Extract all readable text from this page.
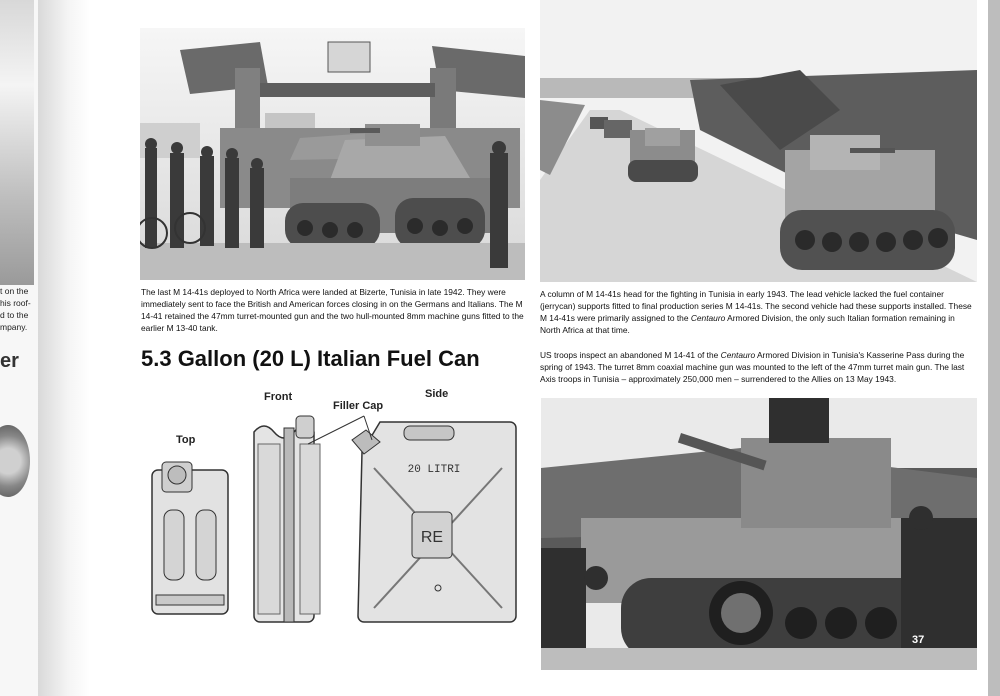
t on the
his roof-
d to the
mpany.
er

The last M 14-41s deployed to North Africa were landed at Bizerte, Tunisia in late 1942. They were immediately sent to face the British and American forces closing in on the Germans and Italians. The M 14-41 retained the 47mm turret-mounted gun and the two hull-mounted 8mm machine guns fitted to the earlier M 13-40 tank.

A column of M 14-41s head for the fighting in Tunisia in early 1943. The lead vehicle lacked the fuel container (jerrycan) supports fitted to final production series M 14-41s. The second vehicle had these supports installed. These M 14-41s were primarily assigned to the Centauro Armored Division, the only such Italian formation remaining in North Africa at that time.

US troops inspect an abandoned M 14-41 of the Centauro Armored Division in Tunisia's Kasserine Pass during the spring of 1943. The turret 8mm coaxial machine gun was mounted to the left of the 47mm turret main gun. The last Axis troops in Tunisia – approximately 250,000 men – surrendered to the Allies on 13 May 1943.

5.3 Gallon (20 L) Italian Fuel Can
Top
Front
Filler Cap
Side
RE
20 LITRI
37
